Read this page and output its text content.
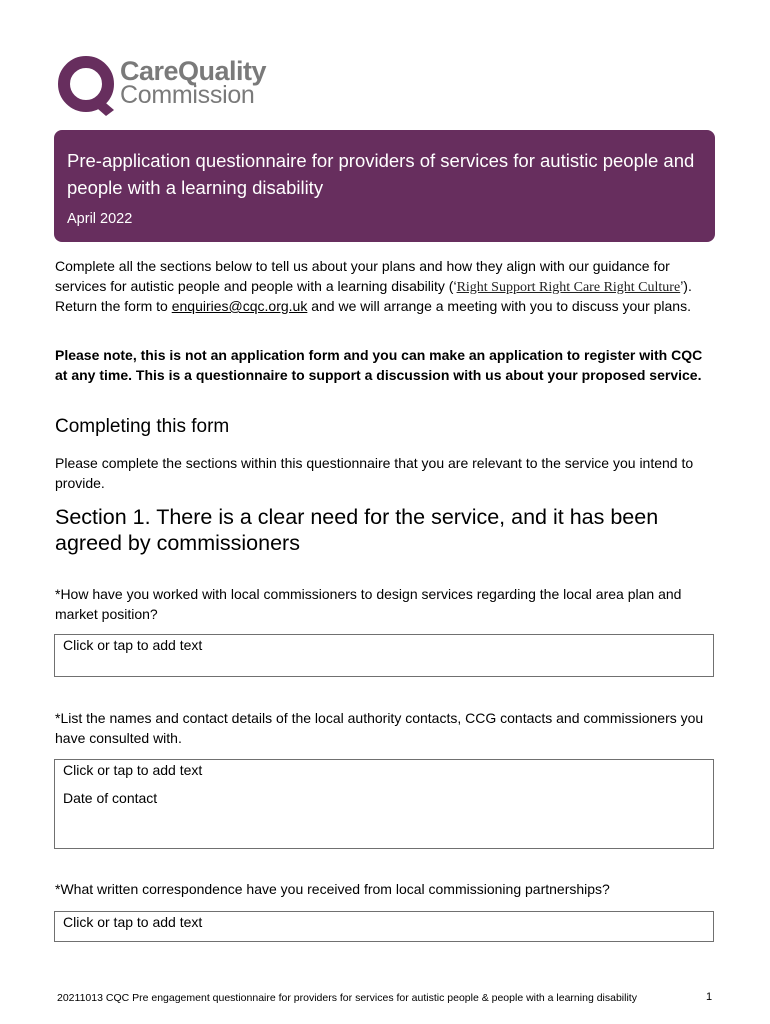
CareQuality
Commission
Pre-application questionnaire for providers of services for autistic people and people with a learning disability
April 2022
Complete all the sections below to tell us about your plans and how they align with our guidance for services for autistic people and people with a learning disability (‘Right Support Right Care Right Culture’). Return the form to enquiries@cqc.org.uk and we will arrange a meeting with you to discuss your plans.
Please note, this is not an application form and you can make an application to register with CQC at any time. This is a questionnaire to support a discussion with us about your proposed service.
Completing this form
Please complete the sections within this questionnaire that you are relevant to the service you intend to provide.
Section 1. There is a clear need for the service, and it has been agreed by commissioners
*How have you worked with local commissioners to design services regarding the local area plan and market position?
Click or tap to add text
*List the names and contact details of the local authority contacts, CCG contacts and commissioners you have consulted with.
Click or tap to add text
Date of contact
*What written correspondence have you received from local commissioning partnerships?
Click or tap to add text
20211013 CQC Pre engagement questionnaire for providers for services for autistic people & people with a learning disability	1
